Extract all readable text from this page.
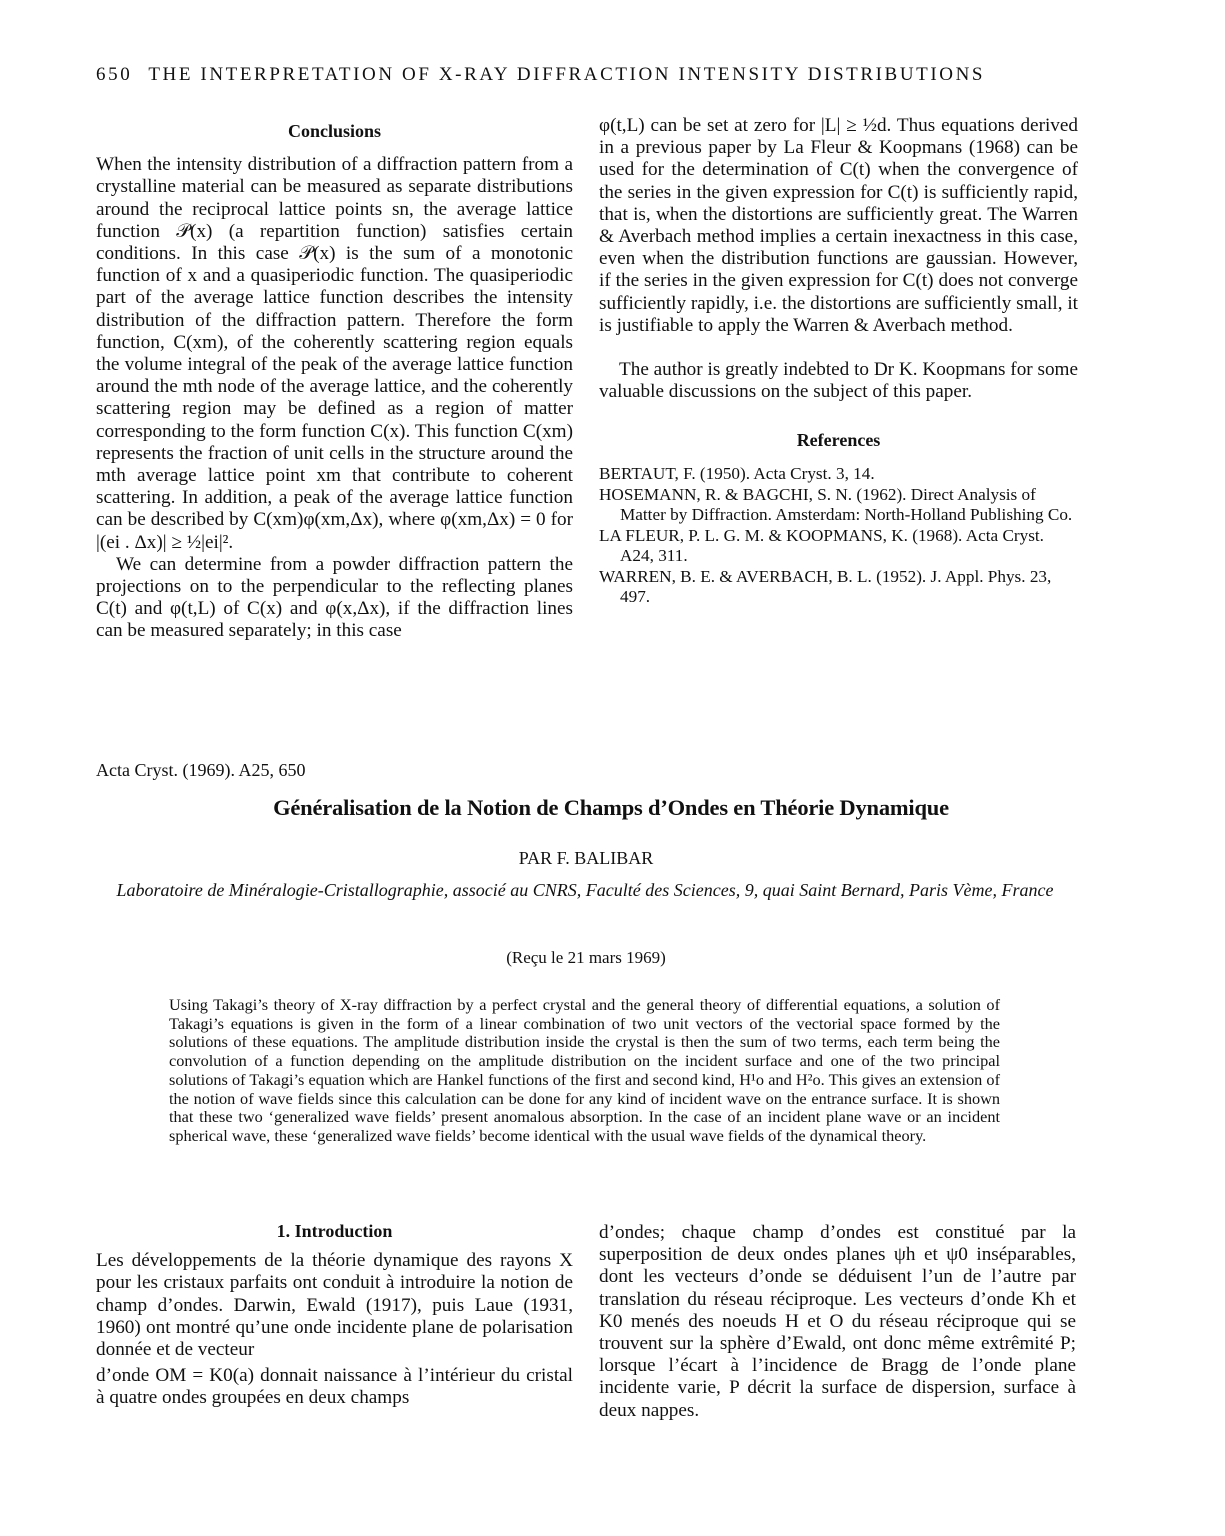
650 THE INTERPRETATION OF X-RAY DIFFRACTION INTENSITY DISTRIBUTIONS
Conclusions

When the intensity distribution of a diffraction pattern from a crystalline material can be measured as separate distributions around the reciprocal lattice points sn, the average lattice function 𝒫(x) (a repartition function) satisfies certain conditions. In this case 𝒫(x) is the sum of a monotonic function of x and a quasiperiodic function. The quasiperiodic part of the average lattice function describes the intensity distribution of the diffraction pattern. Therefore the form function, C(xm), of the coherently scattering region equals the volume integral of the peak of the average lattice function around the mth node of the average lattice, and the coherently scattering region may be defined as a region of matter corresponding to the form function C(x). This function C(xm) represents the fraction of unit cells in the structure around the mth average lattice point xm that contribute to coherent scattering. In addition, a peak of the average lattice function can be described by C(xm)φ(xm,Δx), where φ(xm,Δx) = 0 for |(ei . Δx)| ≥ ½|ei|².

We can determine from a powder diffraction pattern the projections on to the perpendicular to the reflecting planes C(t) and φ(t,L) of C(x) and φ(x,Δx), if the diffraction lines can be measured separately; in this case

φ(t,L) can be set at zero for |L| ≥ ½d. Thus equations derived in a previous paper by La Fleur & Koopmans (1968) can be used for the determination of C(t) when the convergence of the series in the given expression for C(t) is sufficiently rapid, that is, when the distortions are sufficiently great. The Warren & Averbach method implies a certain inexactness in this case, even when the distribution functions are gaussian. However, if the series in the given expression for C(t) does not converge sufficiently rapidly, i.e. the distortions are sufficiently small, it is justifiable to apply the Warren & Averbach method.

The author is greatly indebted to Dr K. Koopmans for some valuable discussions on the subject of this paper.

References

BERTAUT, F. (1950). Acta Cryst. 3, 14.

HOSEMANN, R. & BAGCHI, S. N. (1962). Direct Analysis of Matter by Diffraction. Amsterdam: North-Holland Publishing Co.

LA FLEUR, P. L. G. M. & KOOPMANS, K. (1968). Acta Cryst. A24, 311.

WARREN, B. E. & AVERBACH, B. L. (1952). J. Appl. Phys. 23, 497.

Acta Cryst. (1969). A25, 650
Généralisation de la Notion de Champs d’Ondes en Théorie Dynamique
PAR F. BALIBAR
Laboratoire de Minéralogie-Cristallographie, associé au CNRS, Faculté des Sciences, 9, quai Saint Bernard, Paris Vème, France
(Reçu le 21 mars 1969)

Using Takagi’s theory of X-ray diffraction by a perfect crystal and the general theory of differential equations, a solution of Takagi’s equations is given in the form of a linear combination of two unit vectors of the vectorial space formed by the solutions of these equations. The amplitude distribution inside the crystal is then the sum of two terms, each term being the convolution of a function depending on the amplitude distribution on the incident surface and one of the two principal solutions of Takagi’s equation which are Hankel functions of the first and second kind, H¹o and H²o. This gives an extension of the notion of wave fields since this calculation can be done for any kind of incident wave on the entrance surface. It is shown that these two ‘generalized wave fields’ present anomalous absorption. In the case of an incident plane wave or an incident spherical wave, these ‘generalized wave fields’ become identical with the usual wave fields of the dynamical theory.

1. Introduction

Les développements de la théorie dynamique des rayons X pour les cristaux parfaits ont conduit à introduire la notion de champ d’ondes. Darwin, Ewald (1917), puis Laue (1931, 1960) ont montré qu’une onde incidente plane de polarisation donnée et de vecteur

d’onde OM = K0(a) donnait naissance à l’intérieur du cristal à quatre ondes groupées en deux champs

d’ondes; chaque champ d’ondes est constitué par la superposition de deux ondes planes ψh et ψ0 inséparables, dont les vecteurs d’onde se déduisent l’un de l’autre par translation du réseau réciproque. Les vecteurs d’onde Kh et K0 menés des noeuds H et O du réseau réciproque qui se trouvent sur la sphère d’Ewald, ont donc même extrêmité P; lorsque l’écart à l’incidence de Bragg de l’onde plane incidente varie, P décrit la surface de dispersion, surface à deux nappes.
